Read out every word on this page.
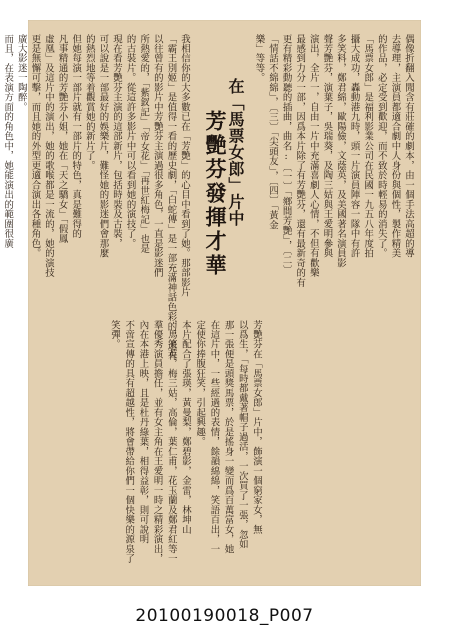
在「馬票女郎」片中
芳艷芬發揮才華	偶像折翻入聞含有莊確的劇本，由一個手法高超的導
去導理，主演員都適合劇中人身份與個性，製作精美
的作品，必定受到歡迎，而不致於時輕易的消失了。
「馬票女郎」是福利影業公司在民國一九五八年度拍
攝大成功，轟動港九時，頭一片演員陣容一隊中有許
多笑料，鄭君綿，歐陽儉，文蔭英，及美國著名演員影
聲芳艷芬，演葉子，吳瑞葵，及陶三姑與王愛明參與
演出，全片一，自由一片中充滿喜劇人心情，不但有歡樂
最感到力分一部，因爲本片除了有芳艷芬，還有最新奇的有
更有精彩動聽的插曲，曲名:〔一〕「鄉間芳艷」，〔二〕
「情話不綿綿」，〔三〕「尖頭友」，〔四〕「黃金
樂」等等。
芳艷芬在「馬票女郎」片中，飾演一個窮家女，無
以爲生，「每時都戴著帽子過活，一次買了一張，忽如
那一張便是頭獎馬票，於是搖身一變而爲百萬富女，她
在這片中，一些經過的表情，餘韻綿綿，笑語百出，一
定使你捧腹狂笑，引起興趣。
本片配合了張瑛，黃曼梨，鄭碧影，金雷，林坤山
，馬笑英，梅三姑，高倫，葉仁甫，花玉蘭及鄭君紅等一
羣優秀演員擔任，並有女主角在王愛明一時之精彩演出，
內在本港上映，且是杜丹綠葉，相得益彰，則可說明
不啻宣傳的具有超越性，將會帶給你們一個快樂的源泉了
笑彈。
我相信你的大多數已在「芳艷」的心目中看到了她。那部影片
「霸王別姬」是值得一看的歷史劇，「白蛇傳」是一部充滿神話色彩的，還有
以往曾有的影片中芳艷芬主演過很多角色，一直是影迷們
所熱愛的，「紫釵記」「帝女花」「再世紅梅記」也是
的古裝片。從這許多影片中可以看到她的演技了。
現在看芳艷芬主演的這部新片，包括時裝及古裝，
可以說是一部最好的娛樂片，難怪她的影迷們會那麼
的熱烈地等着觀賞她的新片了。
但她每演一部片就有一部片的特色，真是難得的
凡事精通的芳艷芬小姐，她在「天之驕女」「假鳳
虛凰」及這片中的演出，她的歌喉都是一流的，她的演技
更是無懈可擊，而且她的外型更適合演出各種角色。
廣大影迷一陶醉。
而且，在表演方面的角色中，她能演出的範圍很廣
20100190018_P007
